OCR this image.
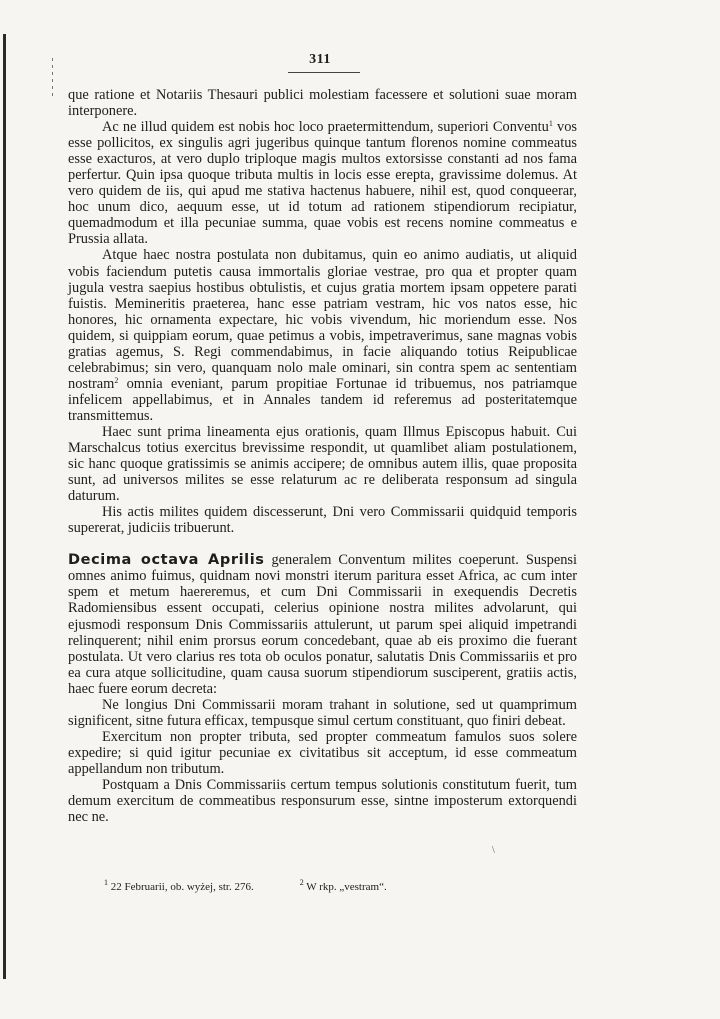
311

que ratione et Notariis Thesauri publici molestiam facessere et solutioni suae moram interponere.

Ac ne illud quidem est nobis hoc loco praetermittendum, superiori Conventu$^1$ vos esse pollicitos, ex singulis agri jugeribus quinque tantum florenos nomine commeatus esse exacturos, at vero duplo triploque magis multos extorsisse constanti ad nos fama perfertur. Quin ipsa quoque tributa multis in locis esse erepta, gravissime dolemus. At vero quidem de iis, qui apud me stativa hactenus habuere, nihil est, quod conqueerar, hoc unum dico, aequum esse, ut id totum ad rationem stipendiorum recipiatur, quemadmodum et illa pecuniae summa, quae vobis est recens nomine commeatus e Prussia allata.

Atque haec nostra postulata non dubitamus, quin eo animo audiatis, ut aliquid vobis faciendum putetis causa immortalis gloriae vestrae, pro qua et propter quam jugula vestra saepius hostibus obtulistis, et cujus gratia mortem ipsam oppetere parati fuistis. Memineritis praeterea, hanc esse patriam vestram, hic vos natos esse, hic honores, hic ornamenta expectare, hic vobis vivendum, hic moriendum esse. Nos quidem, si quippiam eorum, quae petimus a vobis, impetraverimus, sane magnas vobis gratias agemus, S. Regi commendabimus, in facie aliquando totius Reipublicae celebrabimus; sin vero, quanquam nolo male ominari, sin contra spem ac sententiam nostram$^2$ omnia eveniant, parum propitiae Fortunae id tribuemus, nos patriamque infelicem appellabimus, et in Annales tandem id referemus ad posteritatemque transmittemus.

Haec sunt prima lineamenta ejus orationis, quam Illmus Episcopus habuit. Cui Marschalcus totius exercitus brevissime respondit, ut quamlibet aliam postulationem, sic hanc quoque gratissimis se animis accipere; de omnibus autem illis, quae proposita sunt, ad universos milites se esse relaturum ac re deliberata responsum ad singula daturum.

His actis milites quidem discesserunt, Dni vero Commissarii quidquid temporis supererat, judiciis tribuerunt.

Decima octava Aprilis generalem Conventum milites coeperunt. Suspensi omnes animo fuimus, quidnam novi monstri iterum paritura esset Africa, ac cum inter spem et metum haereremus, et cum Dni Commissarii in exequendis Decretis Radomiensibus essent occupati, celerius opinione nostra milites advolarunt, qui ejusmodi responsum Dnis Commissariis attulerunt, ut parum spei aliquid impetrandi relinquerent; nihil enim prorsus eorum concedebant, quae ab eis proximo die fuerant postulata. Ut vero clarius res tota ob oculos ponatur, salutatis Dnis Commissariis et pro ea cura atque sollicitudine, quam causa suorum stipendiorum susciperent, gratiis actis, haec fuere eorum decreta:

Ne longius Dni Commissarii moram trahant in solutione, sed ut quamprimum significent, sitne futura efficax, tempusque simul certum constituant, quo finiri debeat.

Exercitum non propter tributa, sed propter commeatum famulos suos solere expedire; si quid igitur pecuniae ex civitatibus sit acceptum, id esse commeatum appellandum non tributum.

Postquam a Dnis Commissariis certum tempus solutionis constitutum fuerit, tum demum exercitum de commeatibus responsurum esse, sintne imposterum extorquendi nec ne.

\
$^1$ 22 Februarii, ob. wyżej, str. 276.	$^2$ W rkp. „vestram“.
